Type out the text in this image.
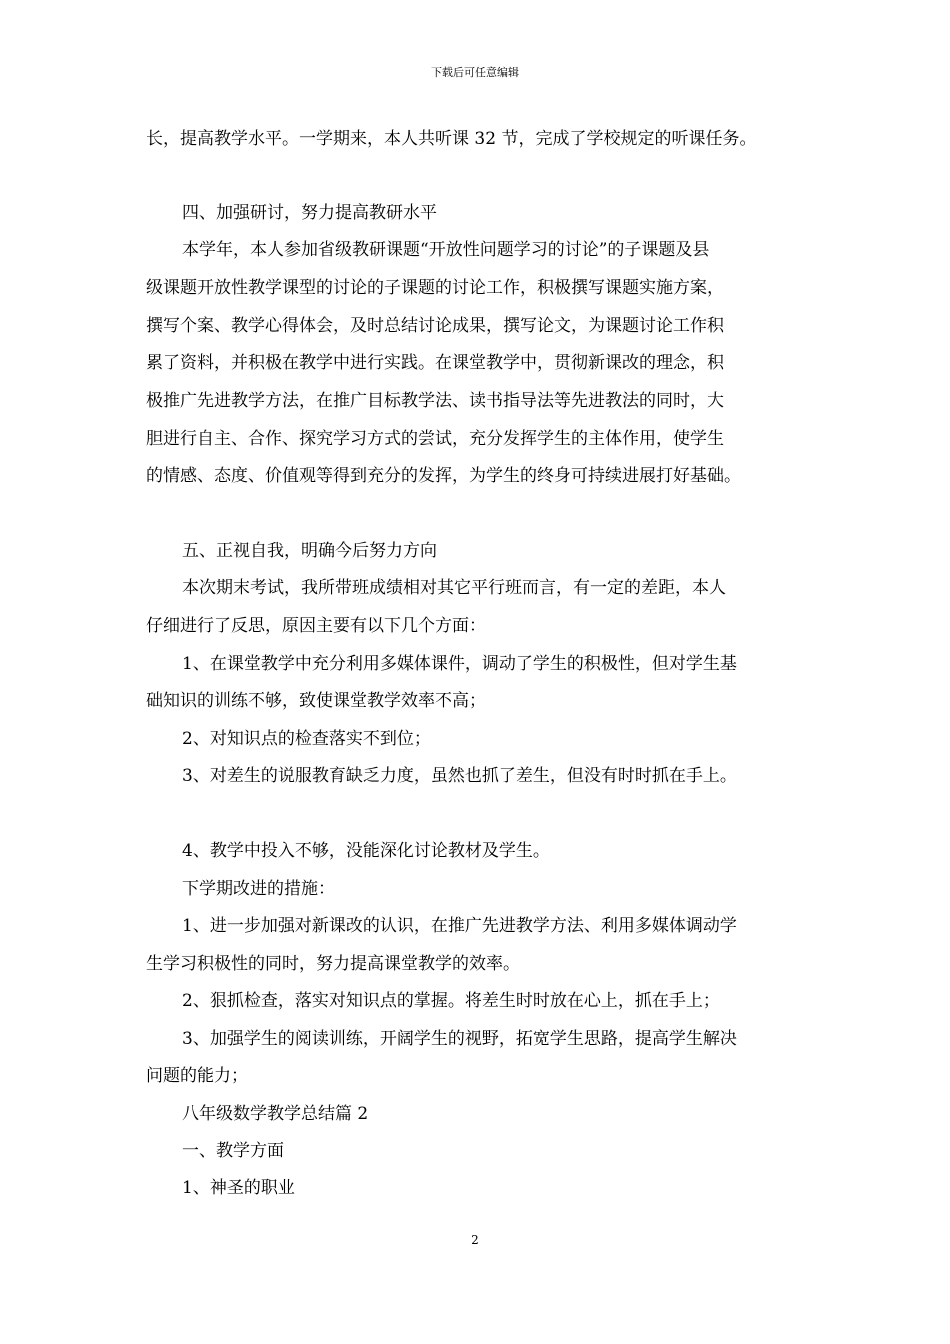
下载后可任意编辑
长，提高教学水平。一学期来，本人共听课 32 节，完成了学校规定的听课任务。
四、加强研讨，努力提高教研水平
本学年，本人参加省级教研课题“开放性问题学习的讨论”的子课题及县
级课题开放性教学课型的讨论的子课题的讨论工作，积极撰写课题实施方案，
撰写个案、教学心得体会，及时总结讨论成果，撰写论文，为课题讨论工作积
累了资料，并积极在教学中进行实践。在课堂教学中，贯彻新课改的理念，积
极推广先进教学方法，在推广目标教学法、读书指导法等先进教法的同时，大
胆进行自主、合作、探究学习方式的尝试，充分发挥学生的主体作用，使学生
的情感、态度、价值观等得到充分的发挥，为学生的终身可持续进展打好基础。
五、正视自我，明确今后努力方向
本次期末考试，我所带班成绩相对其它平行班而言，有一定的差距，本人
仔细进行了反思，原因主要有以下几个方面：
1、在课堂教学中充分利用多媒体课件，调动了学生的积极性，但对学生基
础知识的训练不够，致使课堂教学效率不高；
2、对知识点的检查落实不到位；
3、对差生的说服教育缺乏力度，虽然也抓了差生，但没有时时抓在手上。
4、教学中投入不够，没能深化讨论教材及学生。
下学期改进的措施：
1、进一步加强对新课改的认识，在推广先进教学方法、利用多媒体调动学
生学习积极性的同时，努力提高课堂教学的效率。
2、狠抓检查，落实对知识点的掌握。将差生时时放在心上，抓在手上；
3、加强学生的阅读训练，开阔学生的视野，拓宽学生思路，提高学生解决
问题的能力；
八年级数学教学总结篇 2
一、教学方面
1、神圣的职业
2
